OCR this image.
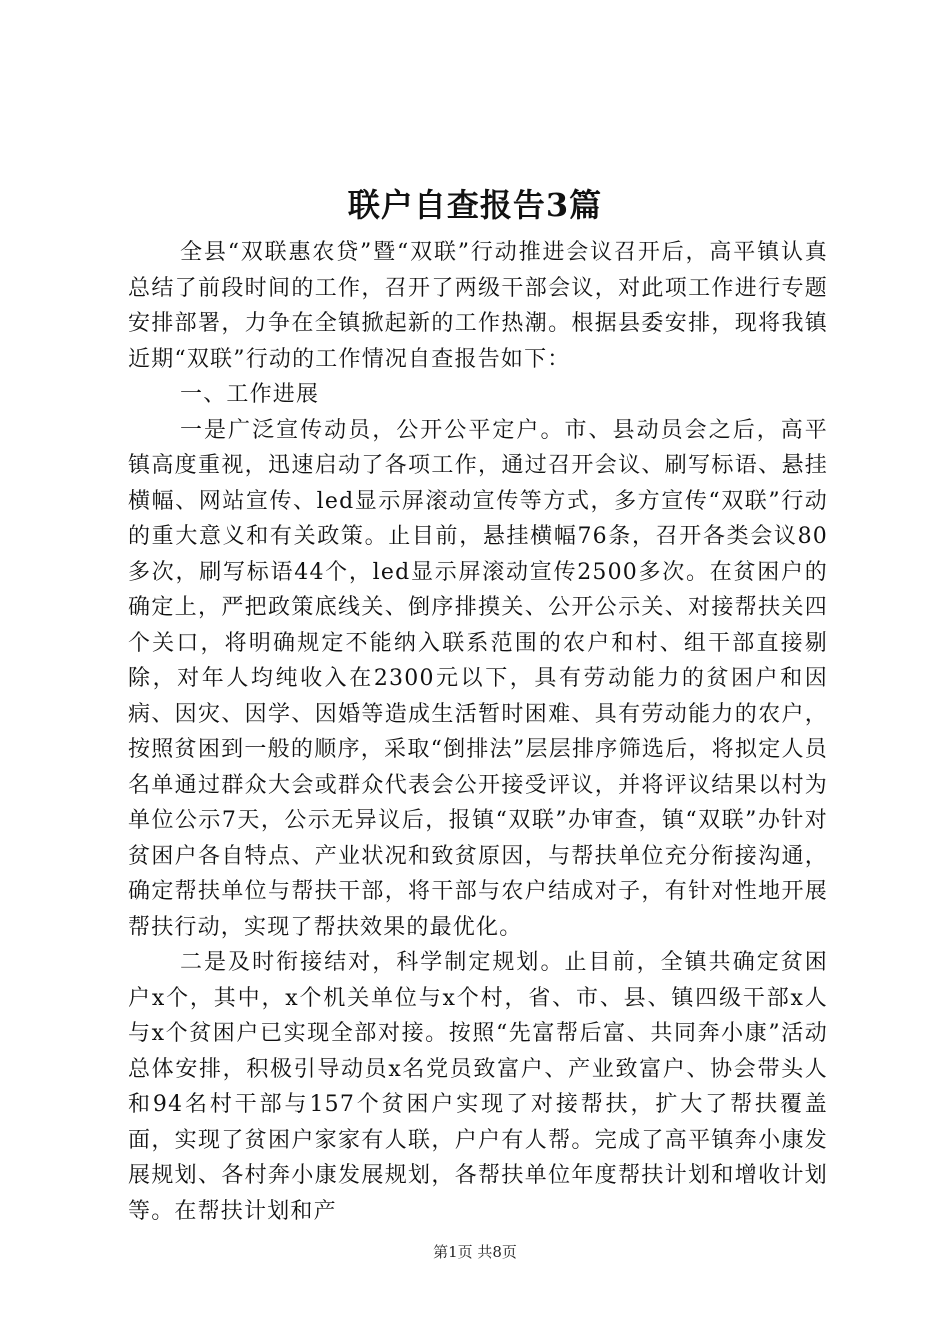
联户自查报告3篇

全县“双联惠农贷”暨“双联”行动推进会议召开后，高平镇认真总结了前段时间的工作，召开了两级干部会议，对此项工作进行专题安排部署，力争在全镇掀起新的工作热潮。根据县委安排，现将我镇近期“双联”行动的工作情况自查报告如下：

一、工作进展

一是广泛宣传动员，公开公平定户。市、县动员会之后，高平镇高度重视，迅速启动了各项工作，通过召开会议、刷写标语、悬挂横幅、网站宣传、led显示屏滚动宣传等方式，多方宣传“双联”行动的重大意义和有关政策。止目前，悬挂横幅76条，召开各类会议80多次，刷写标语44个，led显示屏滚动宣传2500多次。在贫困户的确定上，严把政策底线关、倒序排摸关、公开公示关、对接帮扶关四个关口，将明确规定不能纳入联系范围的农户和村、组干部直接剔除，对年人均纯收入在2300元以下，具有劳动能力的贫困户和因病、因灾、因学、因婚等造成生活暂时困难、具有劳动能力的农户，按照贫困到一般的顺序，采取“倒排法”层层排序筛选后，将拟定人员名单通过群众大会或群众代表会公开接受评议，并将评议结果以村为单位公示7天，公示无异议后，报镇“双联”办审查，镇“双联”办针对贫困户各自特点、产业状况和致贫原因，与帮扶单位充分衔接沟通，确定帮扶单位与帮扶干部，将干部与农户结成对子，有针对性地开展帮扶行动，实现了帮扶效果的最优化。

二是及时衔接结对，科学制定规划。止目前，全镇共确定贫困户x个，其中，x个机关单位与x个村，省、市、县、镇四级干部x人与x个贫困户已实现全部对接。按照“先富帮后富、共同奔小康”活动总体安排，积极引导动员x名党员致富户、产业致富户、协会带头人和94名村干部与157个贫困户实现了对接帮扶，扩大了帮扶覆盖面，实现了贫困户家家有人联，户户有人帮。完成了高平镇奔小康发展规划、各村奔小康发展规划，各帮扶单位年度帮扶计划和增收计划等。在帮扶计划和产

第1页 共8页
